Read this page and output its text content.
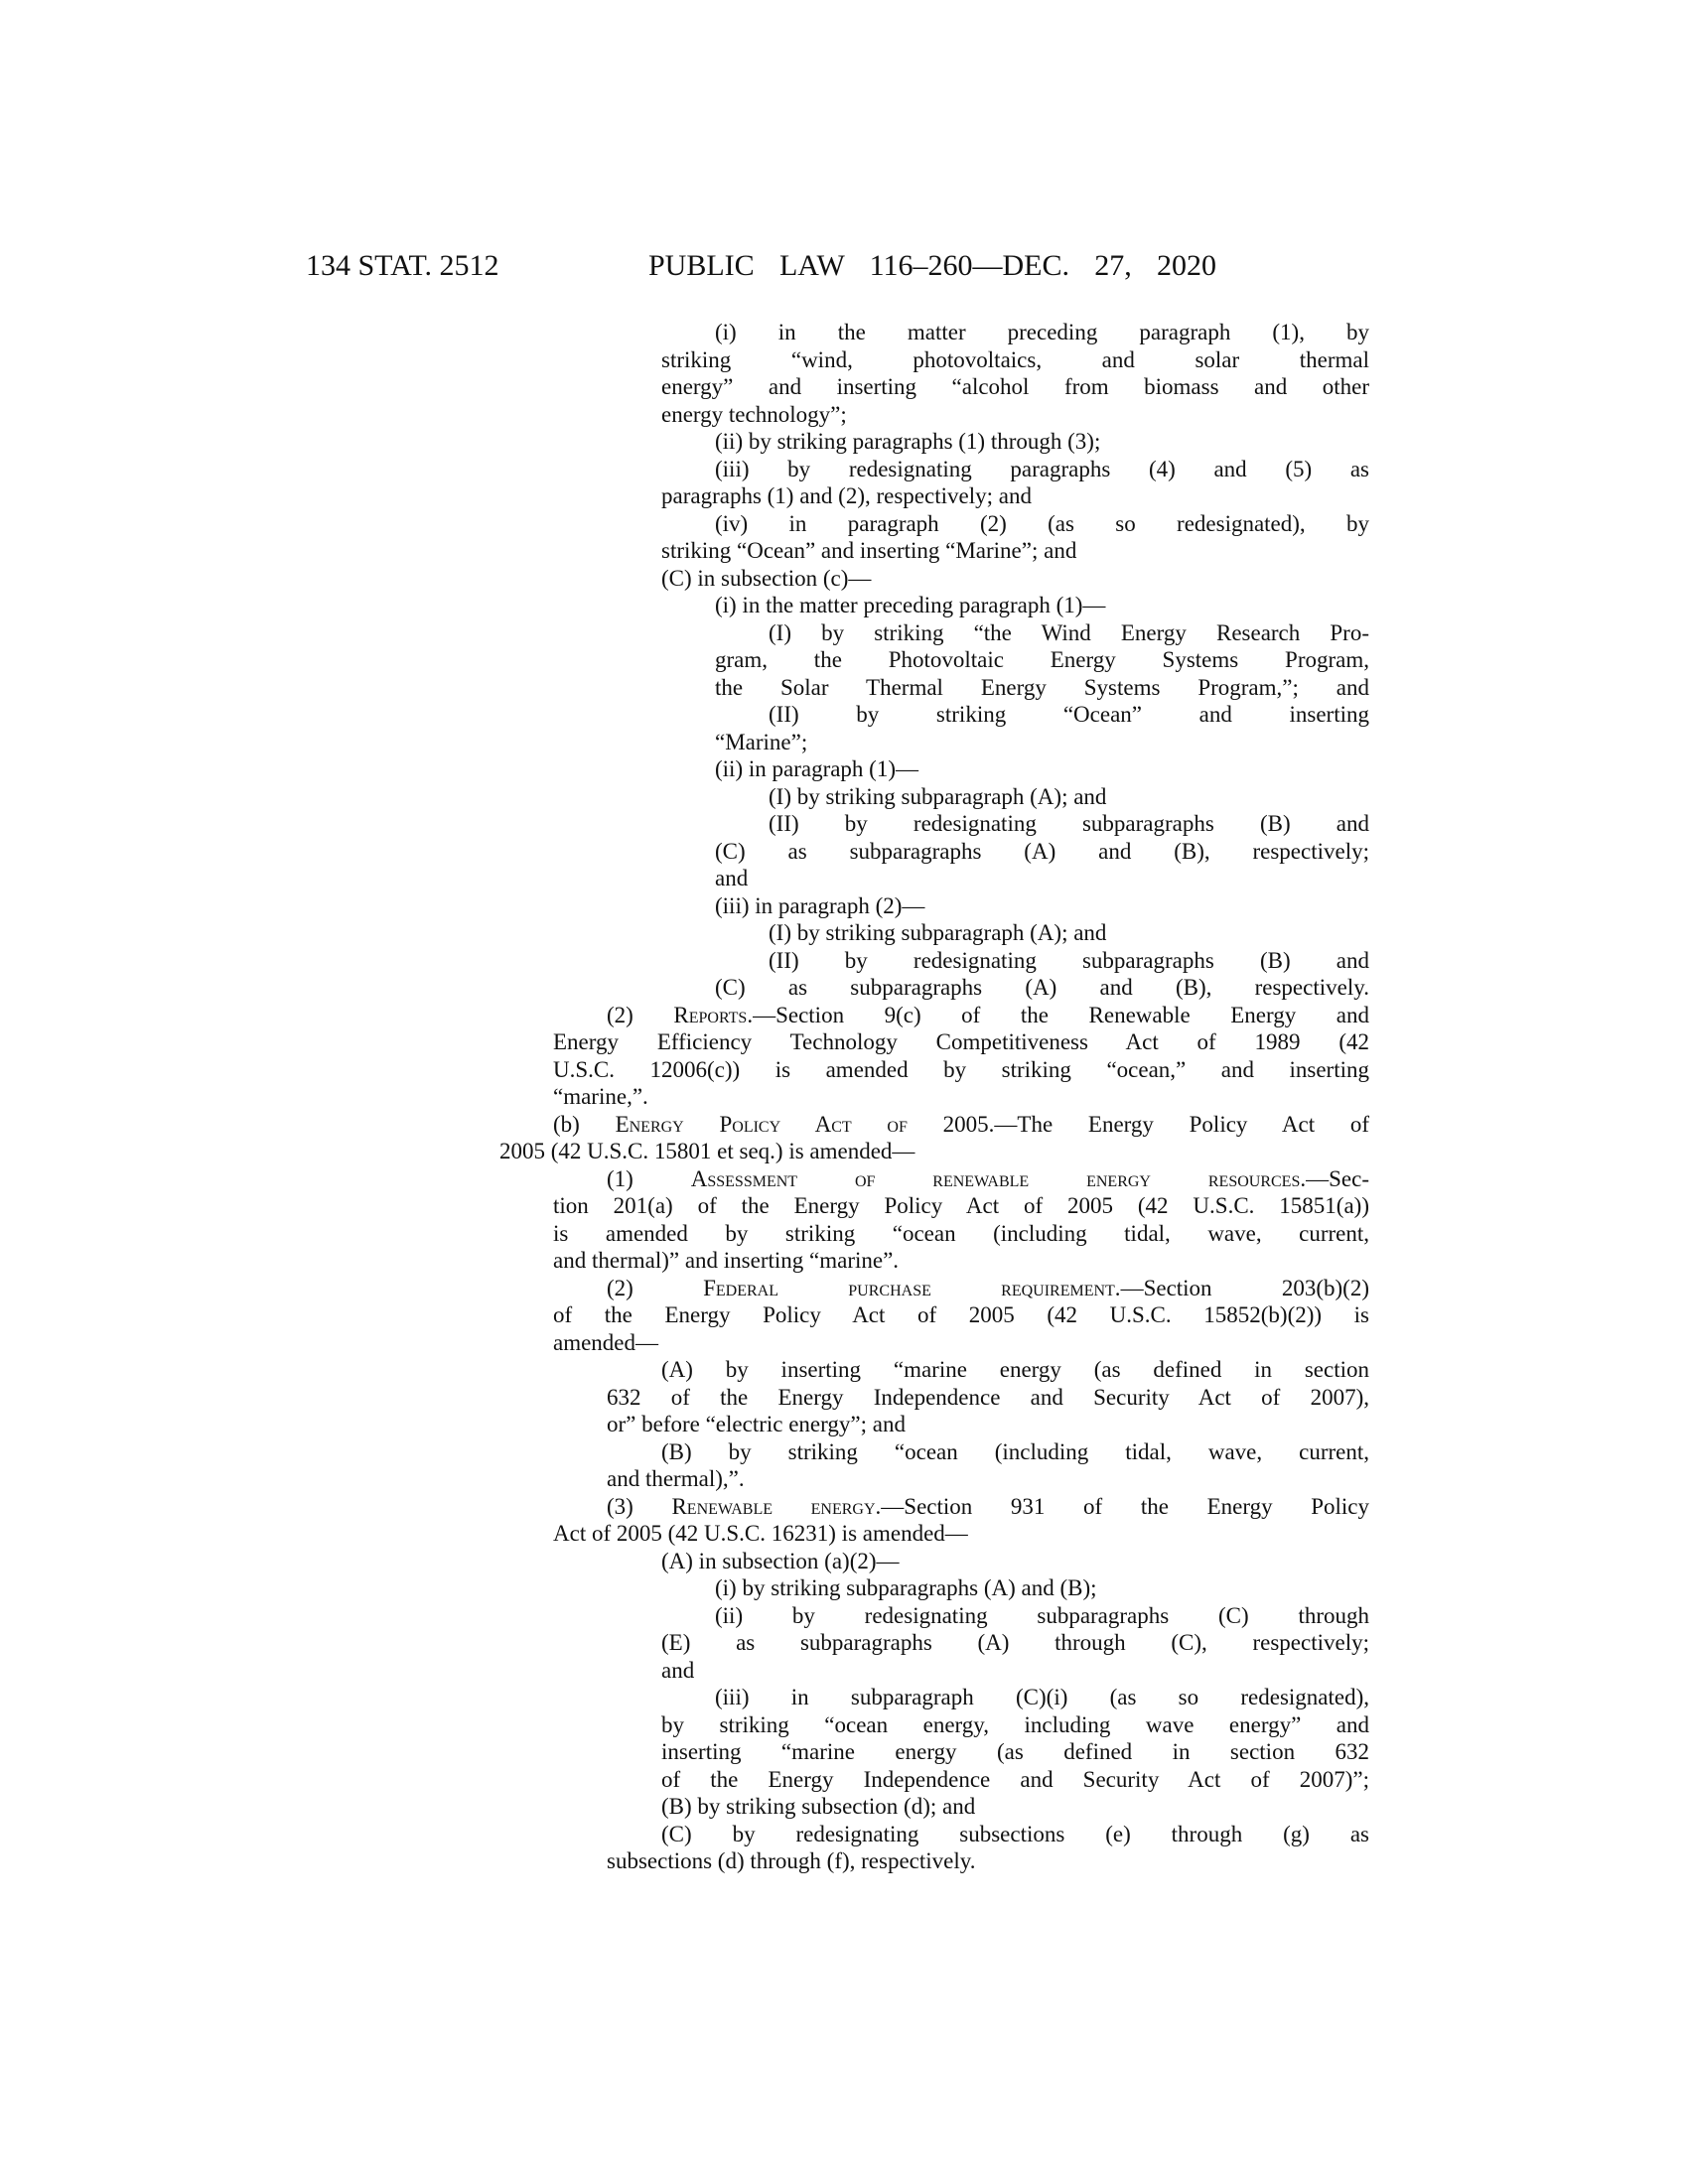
134 STAT. 2512	PUBLIC LAW 116–260—DEC. 27, 2020
(i) in the matter preceding paragraph (1), by
striking “wind, photovoltaics, and solar thermal
energy” and inserting “alcohol from biomass and other
energy technology”;
(ii) by striking paragraphs (1) through (3);
(iii) by redesignating paragraphs (4) and (5) as
paragraphs (1) and (2), respectively; and
(iv) in paragraph (2) (as so redesignated), by
striking “Ocean” and inserting “Marine”; and
(C) in subsection (c)—
(i) in the matter preceding paragraph (1)—
(I) by striking “the Wind Energy Research Pro-
gram, the Photovoltaic Energy Systems Program,
the Solar Thermal Energy Systems Program,”; and
(II) by striking “Ocean” and inserting
“Marine”;
(ii) in paragraph (1)—
(I) by striking subparagraph (A); and
(II) by redesignating subparagraphs (B) and
(C) as subparagraphs (A) and (B), respectively;
and
(iii) in paragraph (2)—
(I) by striking subparagraph (A); and
(II) by redesignating subparagraphs (B) and
(C) as subparagraphs (A) and (B), respectively.
(2) Reports.—Section 9(c) of the Renewable Energy and
Energy Efficiency Technology Competitiveness Act of 1989 (42
U.S.C. 12006(c)) is amended by striking “ocean,” and inserting
“marine,”.
(b) Energy Policy Act of 2005.—The Energy Policy Act of
2005 (42 U.S.C. 15801 et seq.) is amended—
(1) Assessment of renewable energy resources.—Sec-
tion 201(a) of the Energy Policy Act of 2005 (42 U.S.C. 15851(a))
is amended by striking “ocean (including tidal, wave, current,
and thermal)” and inserting “marine”.
(2) Federal purchase requirement.—Section 203(b)(2)
of the Energy Policy Act of 2005 (42 U.S.C. 15852(b)(2)) is
amended—
(A) by inserting “marine energy (as defined in section
632 of the Energy Independence and Security Act of 2007),
or” before “electric energy”; and
(B) by striking “ocean (including tidal, wave, current,
and thermal),”.
(3) Renewable energy.—Section 931 of the Energy Policy
Act of 2005 (42 U.S.C. 16231) is amended—
(A) in subsection (a)(2)—
(i) by striking subparagraphs (A) and (B);
(ii) by redesignating subparagraphs (C) through
(E) as subparagraphs (A) through (C), respectively;
and
(iii) in subparagraph (C)(i) (as so redesignated),
by striking “ocean energy, including wave energy” and
inserting “marine energy (as defined in section 632
of the Energy Independence and Security Act of 2007)”;
(B) by striking subsection (d); and
(C) by redesignating subsections (e) through (g) as
subsections (d) through (f), respectively.
